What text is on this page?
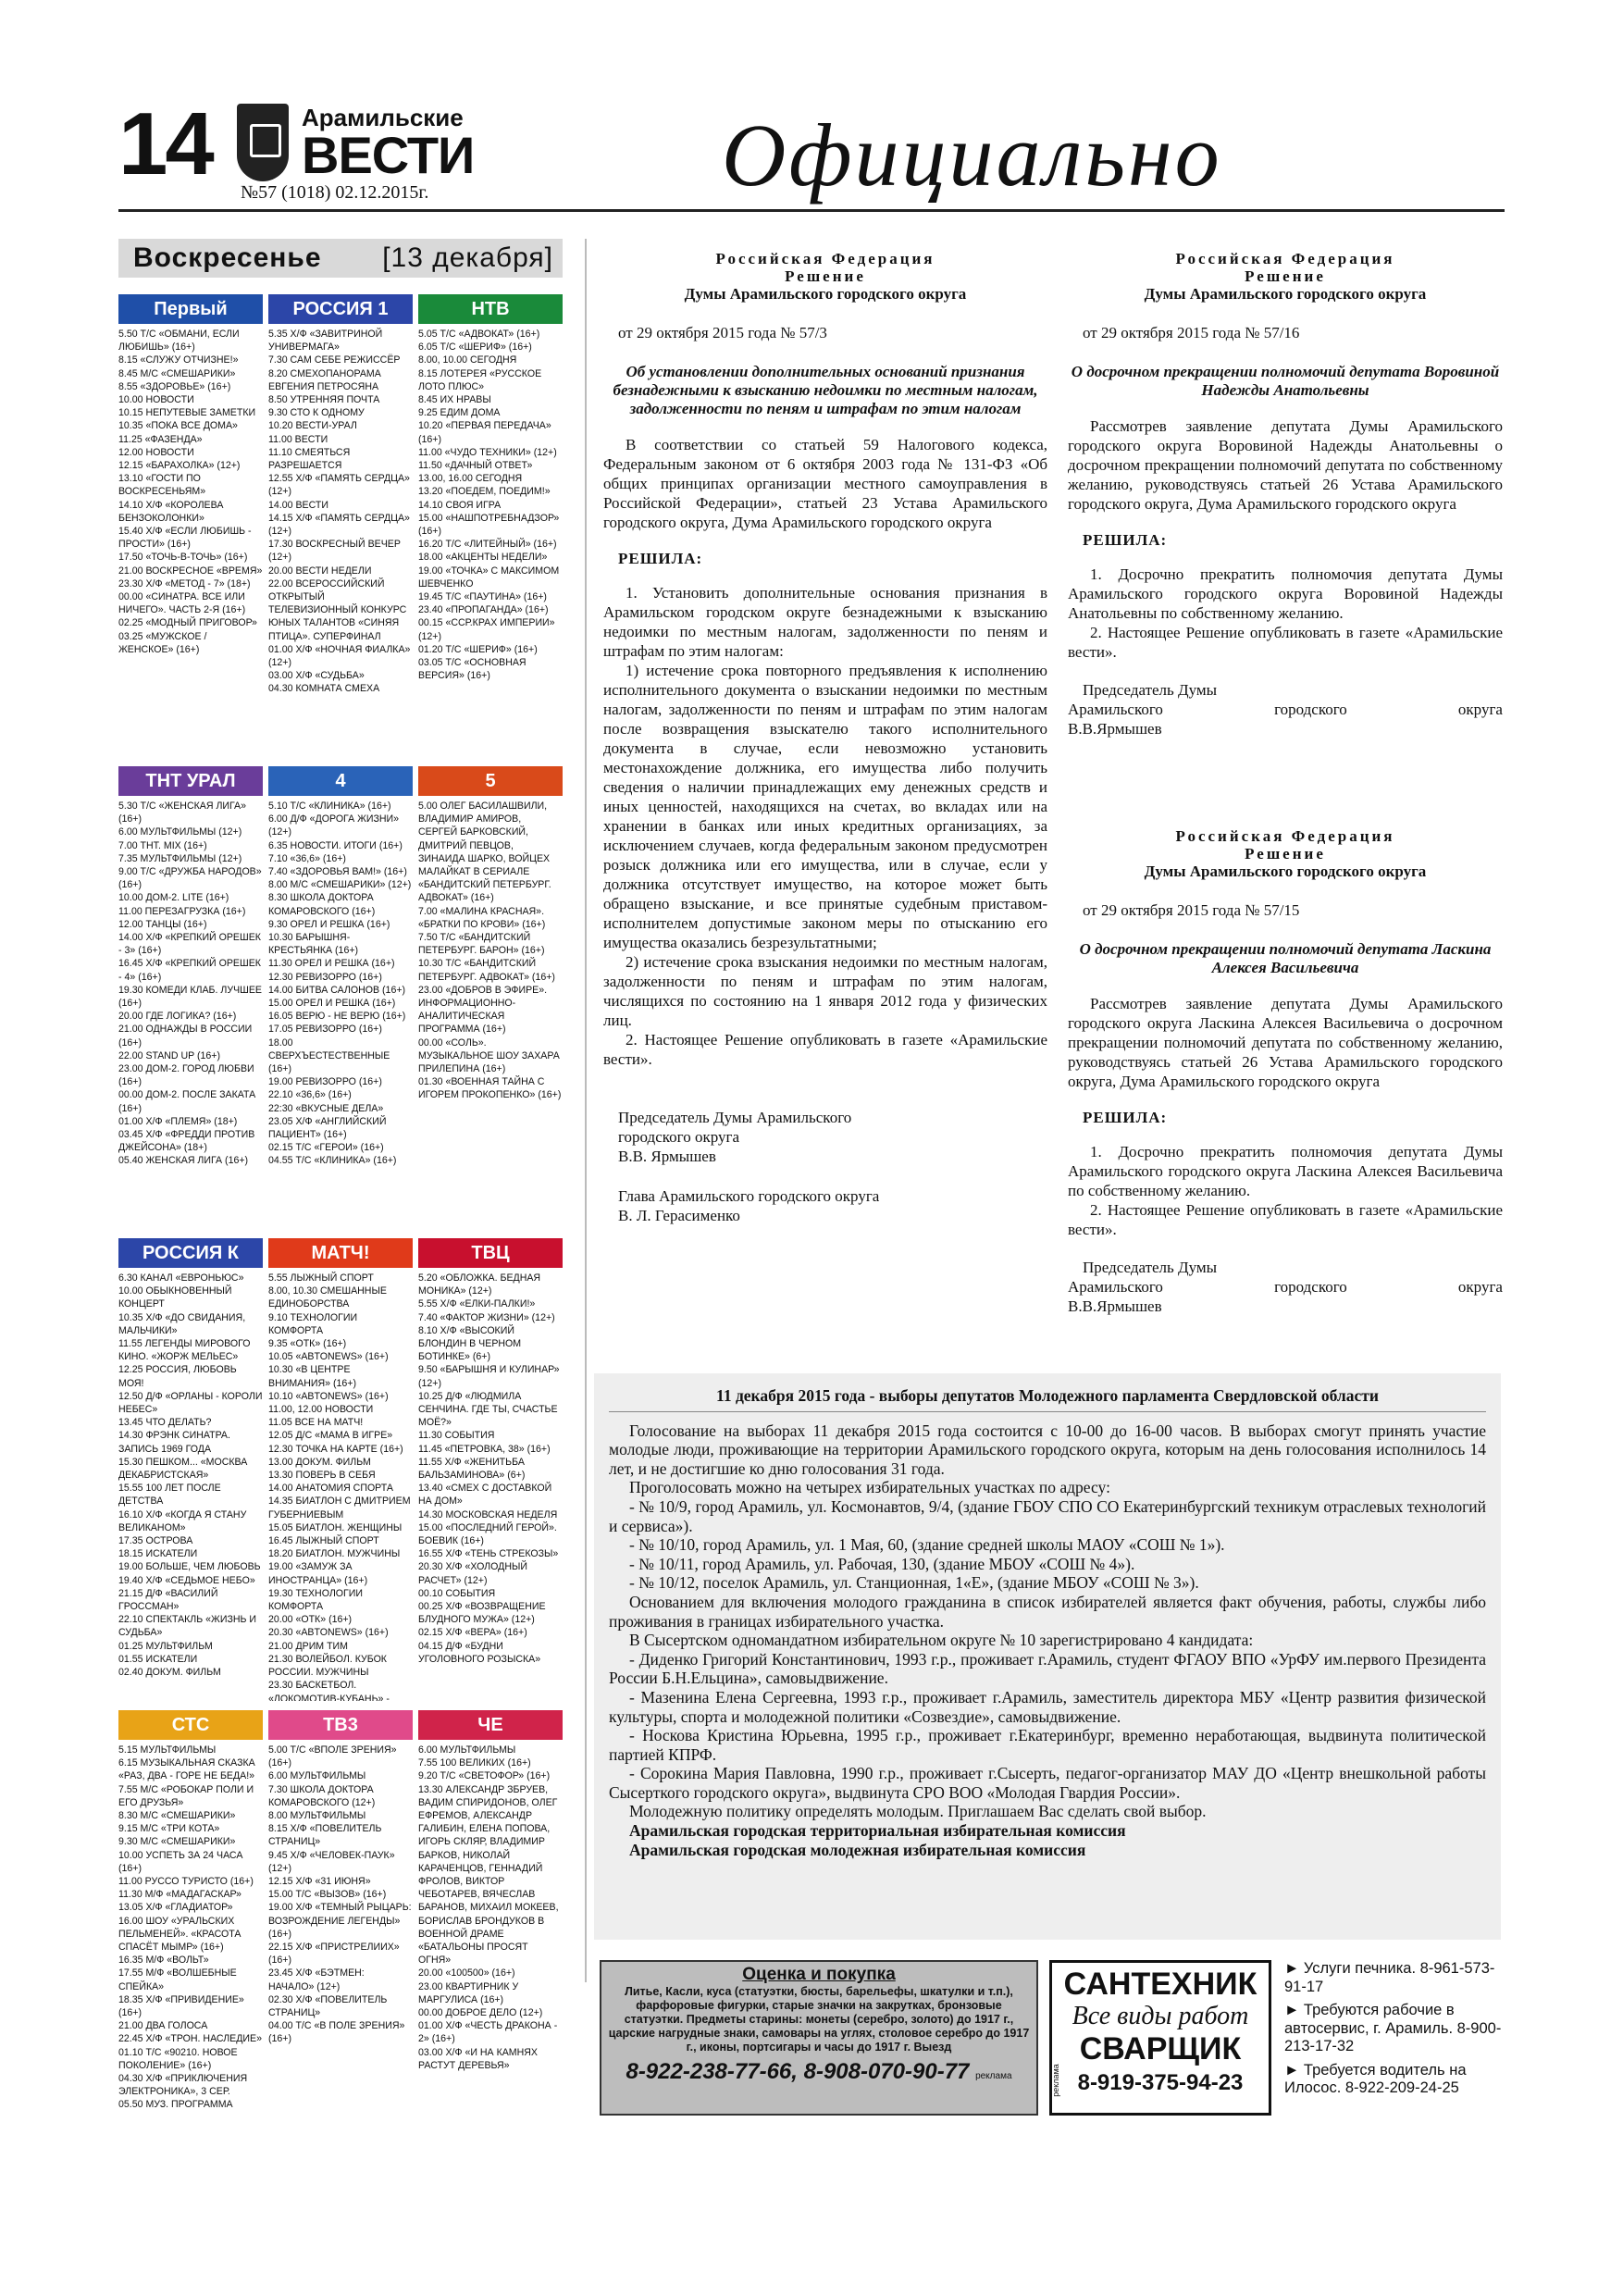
14	Арамильские
ВЕСТИ
№57 (1018) 02.12.2015г.	Официально
Воскресенье [13 декабря]
Первый
5.50 Т/С «ОБМАНИ, ЕСЛИ ЛЮБИШЬ» (16+)
8.15 «СЛУЖУ ОТЧИЗНЕ!»
8.45 М/С «СМЕШАРИКИ»
8.55 «ЗДОРОВЬЕ» (16+)
10.00 НОВОСТИ
10.15 НЕПУТЕВЫЕ ЗАМЕТКИ
10.35 «ПОКА ВСЕ ДОМА»
11.25 «ФАЗЕНДА»
12.00 НОВОСТИ
12.15 «БАРАХОЛКА» (12+)
13.10 «ГОСТИ ПО ВОСКРЕСЕНЬЯМ»
14.10 Х/Ф «КОРОЛЕВА БЕНЗОКОЛОНКИ»
15.40 Х/Ф «ЕСЛИ ЛЮБИШЬ - ПРОСТИ» (16+)
17.50 «ТОЧЬ-В-ТОЧЬ» (16+)
21.00 ВОСКРЕСНОЕ «ВРЕМЯ»
23.30 Х/Ф «МЕТОД - 7» (18+)
00.00 «СИНАТРА. ВСЕ ИЛИ НИЧЕГО». ЧАСТЬ 2-Я (16+)
02.25 «МОДНЫЙ ПРИГОВОР»
03.25 «МУЖСКОЕ / ЖЕНСКОЕ» (16+)
РОССИЯ 1
5.35 Х/Ф «ЗАВИТРИНОЙ УНИВЕРМАГА»
7.30 САМ СЕБЕ РЕЖИССЁР
8.20 СМЕХОПАНОРАМА ЕВГЕНИЯ ПЕТРОСЯНА
8.50 УТРЕННЯЯ ПОЧТА
9.30 СТО К ОДНОМУ
10.20 ВЕСТИ-УРАЛ
11.00 ВЕСТИ
11.10 СМЕЯТЬСЯ РАЗРЕШАЕТСЯ
12.55 Х/Ф «ПАМЯТЬ СЕРДЦА» (12+)
14.00 ВЕСТИ
14.15 Х/Ф «ПАМЯТЬ СЕРДЦА» (12+)
17.30 ВОСКРЕСНЫЙ ВЕЧЕР (12+)
20.00 ВЕСТИ НЕДЕЛИ
22.00 ВСЕРОССИЙСКИЙ ОТКРЫТЫЙ ТЕЛЕВИЗИОННЫЙ КОНКУРС ЮНЫХ ТАЛАНТОВ «СИНЯЯ ПТИЦА». СУПЕРФИНАЛ
01.00 Х/Ф «НОЧНАЯ ФИАЛКА» (12+)
03.00 Х/Ф «СУДЬБА»
04.30 КОМНАТА СМЕХА
НТВ
5.05 Т/С «АДВОКАТ» (16+)
6.05 Т/С «ШЕРИФ» (16+)
8.00, 10.00 СЕГОДНЯ
8.15 ЛОТЕРЕЯ «РУССКОЕ ЛОТО ПЛЮС»
8.45 ИХ НРАВЫ
9.25 ЕДИМ ДОМА
10.20 «ПЕРВАЯ ПЕРЕДАЧА» (16+)
11.00 «ЧУДО ТЕХНИКИ» (12+)
11.50 «ДАЧНЫЙ ОТВЕТ»
13.00, 16.00 СЕГОДНЯ
13.20 «ПОЕДЕМ, ПОЕДИМ!»
14.10 СВОЯ ИГРА
15.00 «НАШПОТРЕБНАДЗОР» (16+)
16.20 Т/С «ЛИТЕЙНЫЙ» (16+)
18.00 «АКЦЕНТЫ НЕДЕЛИ»
19.00 «ТОЧКА» С МАКСИМОМ ШЕВЧЕНКО
19.45 Т/С «ПАУТИНА» (16+)
23.40 «ПРОПАГАНДА» (16+)
00.15 «ССР.КРАХ ИМПЕРИИ» (12+)
01.20 Т/С «ШЕРИФ» (16+)
03.05 Т/С «ОСНОВНАЯ ВЕРСИЯ» (16+)
ТНТ УРАЛ
5.30 Т/С «ЖЕНСКАЯ ЛИГА» (16+)
6.00 МУЛЬТФИЛЬМЫ (12+)
7.00 ТНТ. MIX (16+)
7.35 МУЛЬТФИЛЬМЫ (12+)
9.00 Т/С «ДРУЖБА НАРОДОВ» (16+)
10.00 ДОМ-2. LITE (16+)
11.00 ПЕРЕЗАГРУЗКА (16+)
12.00 ТАНЦЫ (16+)
14.00 Х/Ф «КРЕПКИЙ ОРЕШЕК - 3» (16+)
16.45 Х/Ф «КРЕПКИЙ ОРЕШЕК - 4» (16+)
19.30 КОМЕДИ КЛАБ. ЛУЧШЕЕ (16+)
20.00 ГДЕ ЛОГИКА? (16+)
21.00 ОДНАЖДЫ В РОССИИ (16+)
22.00 STAND UP (16+)
23.00 ДОМ-2. ГОРОД ЛЮБВИ (16+)
00.00 ДОМ-2. ПОСЛЕ ЗАКАТА (16+)
01.00 Х/Ф «ПЛЕМЯ» (18+)
03.45 Х/Ф «ФРЕДДИ ПРОТИВ ДЖЕЙСОНА» (18+)
05.40 ЖЕНСКАЯ ЛИГА (16+)
4
5.10 Т/С «КЛИНИКА» (16+)
6.00 Д/Ф «ДОРОГА ЖИЗНИ» (12+)
6.35 НОВОСТИ. ИТОГИ (16+)
7.10 «36,6» (16+)
7.40 «ЗДОРОВЬЯ ВАМ!» (16+)
8.00 М/С «СМЕШАРИКИ» (12+)
8.30 ШКОЛА ДОКТОРА КОМАРОВСКОГО (16+)
9.30 ОРЕЛ И РЕШКА (16+)
10.30 БАРЫШНЯ-КРЕСТЬЯНКА (16+)
11.30 ОРЕЛ И РЕШКА (16+)
12.30 РЕВИЗОРРО (16+)
14.00 БИТВА САЛОНОВ (16+)
15.00 ОРЕЛ И РЕШКА (16+)
16.05 ВЕРЮ - НЕ ВЕРЮ (16+)
17.05 РЕВИЗОРРО (16+)
18.00 СВЕРХЪЕСТЕСТВЕННЫЕ (16+)
19.00 РЕВИЗОРРО (16+)
22.10 «36,6» (16+)
22:30 «ВКУСНЫЕ ДЕЛА»
23.05 Х/Ф «АНГЛИЙСКИЙ ПАЦИЕНТ» (16+)
02.15 Т/С «ГЕРОИ» (16+)
04.55 Т/С «КЛИНИКА» (16+)
5
5.00 ОЛЕГ БАСИЛАШВИЛИ, ВЛАДИМИР АМИРОВ, СЕРГЕЙ БАРКОВСКИЙ, ДМИТРИЙ ПЕВЦОВ, ЗИНАИДА ШАРКО, ВОЙЦЕХ МАЛАЙКАТ В СЕРИАЛЕ «БАНДИТСКИЙ ПЕТЕРБУРГ. АДВОКАТ» (16+)
7.00 «МАЛИНА КРАСНАЯ». «БРАТКИ ПО КРОВИ» (16+)
7.50 Т/С «БАНДИТСКИЙ ПЕТЕРБУРГ. БАРОН» (16+)
10.30 Т/С «БАНДИТСКИЙ ПЕТЕРБУРГ. АДВОКАТ» (16+)
23.00 «ДОБРОВ В ЭФИРЕ». ИНФОРМАЦИОННО-АНАЛИТИЧЕСКАЯ ПРОГРАММА (16+)
00.00 «СОЛЬ». МУЗЫКАЛЬНОЕ ШОУ ЗАХАРА ПРИЛЕПИНА (16+)
01.30 «ВОЕННАЯ ТАЙНА С ИГОРЕМ ПРОКОПЕНКО» (16+)
РОССИЯ К
6.30 КАНАЛ «ЕВРОНЬЮС»
10.00 ОБЫКНОВЕННЫЙ КОНЦЕРТ
10.35 Х/Ф «ДО СВИДАНИЯ, МАЛЬЧИКИ»
11.55 ЛЕГЕНДЫ МИРОВОГО КИНО. «ЖОРЖ МЕЛЬЕС»
12.25 РОССИЯ, ЛЮБОВЬ МОЯ!
12.50 Д/Ф «ОРЛАНЫ - КОРОЛИ НЕБЕС»
13.45 ЧТО ДЕЛАТЬ?
14.30 ФРЭНК СИНАТРА. ЗАПИСЬ 1969 ГОДА
15.30 ПЕШКОМ... «МОСКВА ДЕКАБРИСТСКАЯ»
15.55 100 ЛЕТ ПОСЛЕ ДЕТСТВА
16.10 Х/Ф «КОГДА Я СТАНУ ВЕЛИКАНОМ»
17.35 ОСТРОВА
18.15 ИСКАТЕЛИ
19.00 БОЛЬШЕ, ЧЕМ ЛЮБОВЬ
19.40 Х/Ф «СЕДЬМОЕ НЕБО»
21.15 Д/Ф «ВАСИЛИЙ ГРОССМАН»
22.10 СПЕКТАКЛЬ «ЖИЗНЬ И СУДЬБА»
01.25 МУЛЬТФИЛЬМ
01.55 ИСКАТЕЛИ
02.40 ДОКУМ. ФИЛЬМ
МАТЧ!
5.55 ЛЫЖНЫЙ СПОРТ
8.00, 10.30 СМЕШАННЫЕ ЕДИНОБОРСТВА
9.10 ТЕХНОЛОГИИ КОМФОРТА
9.35 «ОТК» (16+)
10.05 «ABTONEWS» (16+)
10.30 «В ЦЕНТРЕ ВНИМАНИЯ» (16+)
10.10 «ABTONEWS» (16+)
11.00, 12.00 НОВОСТИ
11.05 ВСЕ НА МАТЧ!
12.05 Д/С «МАМА В ИГРЕ»
12.30 ТОЧКА НА КАРТЕ (16+)
13.00 ДОКУМ. ФИЛЬМ
13.30 ПОВЕРЬ В СЕБЯ
14.00 АНАТОМИЯ СПОРТА
14.35 БИАТЛОН С ДМИТРИЕМ ГУБЕРНИЕВЫМ
15.05 БИАТЛОН. ЖЕНЩИНЫ
16.45 ЛЫЖНЫЙ СПОРТ
18.20 БИАТЛОН. МУЖЧИНЫ
19.00 «ЗАМУЖ ЗА ИНОСТРАНЦА» (16+)
19.30 ТЕХНОЛОГИИ КОМФОРТА
20.00 «ОТК» (16+)
20.30 «ABTONEWS» (16+)
21.00 ДРИМ ТИМ
21.30 ВОЛЕЙБОЛ. КУБОК РОССИИ. МУЖЧИНЫ
23.30 БАСКЕТБОЛ. «ЛОКОМОТИВ-КУБАНЬ» -
ТВЦ
5.20 «ОБЛОЖКА. БЕДНАЯ МОНИКА» (12+)
5.55 Х/Ф «ЕЛКИ-ПАЛКИ!»
7.40 «ФАКТОР ЖИЗНИ» (12+)
8.10 Х/Ф «ВЫСОКИЙ БЛОНДИН В ЧЕРНОМ БОТИНКЕ» (6+)
9.50 «БАРЫШНЯ И КУЛИНАР» (12+)
10.25 Д/Ф «ЛЮДМИЛА СЕНЧИНА. ГДЕ ТЫ, СЧАСТЬЕ МОЁ?»
11.30 СОБЫТИЯ
11.45 «ПЕТРОВКА, 38» (16+)
11.55 Х/Ф «ЖЕНИТЬБА БАЛЬЗАМИНОВА» (6+)
13.40 «СМЕХ С ДОСТАВКОЙ НА ДОМ»
14.30 МОСКОВСКАЯ НЕДЕЛЯ
15.00 «ПОСЛЕДНИЙ ГЕРОЙ». БОЕВИК (16+)
16.55 Х/Ф «ТЕНЬ СТРЕКОЗЫ»
20.30 Х/Ф «ХОЛОДНЫЙ РАСЧЕТ» (12+)
00.10 СОБЫТИЯ
00.25 Х/Ф «ВОЗВРАЩЕНИЕ БЛУДНОГО МУЖА» (12+)
02.15 Х/Ф «ВЕРА» (16+)
04.15 Д/Ф «БУДНИ УГОЛОВНОГО РОЗЫСКА»
СТС
5.15 МУЛЬТФИЛЬМЫ
6.15 МУЗЫКАЛЬНАЯ СКАЗКА «РАЗ, ДВА - ГОРЕ НЕ БЕДА!»
7.55 М/С «РОБОКАР ПОЛИ И ЕГО ДРУЗЬЯ»
8.30 М/С «СМЕШАРИКИ»
9.15 М/С «ТРИ КОТА»
9.30 М/С «СМЕШАРИКИ»
10.00 УСПЕТЬ ЗА 24 ЧАСА (16+)
11.00 РУССО ТУРИСТО (16+)
11.30 М/Ф «МАДАГАСКАР»
13.05 Х/Ф «ГЛАДИАТОР»
16.00 ШОУ «УРАЛЬСКИХ ПЕЛЬМЕНЕЙ». «КРАСОТА СПАСЁТ МЫМР» (16+)
16.35 М/Ф «ВОЛЬТ»
17.55 М/Ф «ВОЛШЕБНЫЕ СПЕЙКА»
18.35 Х/Ф «ПРИВИДЕНИЕ» (16+)
21.00 ДВА ГОЛОСА
22.45 Х/Ф «ТРОН. НАСЛЕДИЕ»
01.10 Т/С «90210. НОВОЕ ПОКОЛЕНИЕ» (16+)
04.30 Х/Ф «ПРИКЛЮЧЕНИЯ ЭЛЕКТРОНИКА», 3 СЕР.
05.50 МУЗ. ПРОГРАММА
ТВ3
5.00 Т/С «ВПОЛЕ ЗРЕНИЯ» (16+)
6.00 МУЛЬТФИЛЬМЫ
7.30 ШКОЛА ДОКТОРА КОМАРОВСКОГО (12+)
8.00 МУЛЬТФИЛЬМЫ
8.15 Х/Ф «ПОВЕЛИТЕЛЬ СТРАНИЦ»
9.45 Х/Ф «ЧЕЛОВЕК-ПАУК» (12+)
12.15 Х/Ф «31 ИЮНЯ»
15.00 Т/С «ВЫЗОВ» (16+)
19.00 Х/Ф «ТЕМНЫЙ РЫЦАРЬ: ВОЗРОЖДЕНИЕ ЛЕГЕНДЫ» (16+)
22.15 Х/Ф «ПРИСТРЕЛИИХ» (16+)
23.45 Х/Ф «БЭТМЕН: НАЧАЛО» (12+)
02.30 Х/Ф «ПОВЕЛИТЕЛЬ СТРАНИЦ»
04.00 Т/С «В ПОЛЕ ЗРЕНИЯ» (16+)
ЧЕ
6.00 МУЛЬТФИЛЬМЫ
7.55 100 ВЕЛИКИХ (16+)
9.20 Т/С «СВЕТОФОР» (16+)
13.30 АЛЕКСАНДР ЗБРУЕВ, ВАДИМ СПИРИДОНОВ, ОЛЕГ ЕФРЕМОВ, АЛЕКСАНДР ГАЛИБИН, ЕЛЕНА ПОПОВА, ИГОРЬ СКЛЯР, ВЛАДИМИР БАРКОВ, НИКОЛАЙ КАРАЧЕНЦОВ, ГЕННАДИЙ ФРОЛОВ, ВИКТОР ЧЕБОТАРЕВ, ВЯЧЕСЛАВ БАРАНОВ, МИХАИЛ МОКЕЕВ, БОРИСЛАВ БРОНДУКОВ В ВОЕННОЙ ДРАМЕ «БАТАЛЬОНЫ ПРОСЯТ ОГНЯ»
20.00 «100500» (16+)
23.00 КВАРТИРНИК У МАРГУЛИСА (16+)
00.00 ДОБРОЕ ДЕЛО (12+)
01.00 Х/Ф «ЧЕСТЬ ДРАКОНА - 2» (16+)
03.00 Х/Ф «И НА КАМНЯХ РАСТУТ ДЕРЕВЬЯ»
Российская Федерация
Решение
Думы Арамильского городского округа
от 29 октября 2015 года № 57/3
Об установлении дополнительных оснований признания безнадежными к взысканию недоимки по местным налогам, задолженности по пеням и штрафам по этим налогам

В соответствии со статьей 59 Налогового кодекса, Федеральным законом от 6 октября 2003 года № 131-ФЗ «Об общих принципах организации местного самоуправления в Российской Федерации», статьей 23 Устава Арамильского городского округа, Дума Арамильского городского округа

РЕШИЛА:

1. Установить дополнительные основания признания в Арамильском городском округе безнадежными к взысканию недоимки по местным налогам, задолженности по пеням и штрафам по этим налогам:

1) истечение срока повторного предъявления к исполнению исполнительного документа о взыскании недоимки по местным налогам, задолженности по пеням и штрафам по этим налогам после возвращения взыскателю такого исполнительного документа в случае, если невозможно установить местонахождение должника, его имущества либо получить сведения о наличии принадлежащих ему денежных средств и иных ценностей, находящихся на счетах, во вкладах или на хранении в банках или иных кредитных организациях, за исключением случаев, когда федеральным законом предусмотрен розыск должника или его имущества, или в случае, если у должника отсутствует имущество, на которое может быть обращено взыскание, и все принятые судебным приставом-исполнителем допустимые законом меры по отысканию его имущества оказались безрезультатными;

2) истечение срока взыскания недоимки по местным налогам, задолженности по пеням и штрафам по этим налогам, числящихся по состоянию на 1 января 2012 года у физических лиц.

2. Настоящее Решение опубликовать в газете «Арамильские вести».

Председатель Думы Арамильского
городского округа
В.В. Ярмышев
Глава Арамильского городского округа
В. Л. Герасименко
Российская Федерация
Решение
Думы Арамильского городского округа
от 29 октября 2015 года № 57/16
О досрочном прекращении полномочий депутата Воровиной Надежды Анатольевны

Рассмотрев заявление депутата Думы Арамильского городского округа Воровиной Надежды Анатольевны о досрочном прекращении полномочий депутата по собственному желанию, руководствуясь статьей 26 Устава Арамильского городского округа, Дума Арамильского городского округа

РЕШИЛА:

1. Досрочно прекратить полномочия депутата Думы Арамильского городского округа Воровиной Надежды Анатольевны по собственному желанию.

2. Настоящее Решение опубликовать в газете «Арамильские вести».

Председатель Думы
Арамильского	городского	округа
В.В.Ярмышев
Российская Федерация
Решение
Думы Арамильского городского округа
от 29 октября 2015 года № 57/15
О досрочном прекращении полномочий депутата Ласкина Алексея Васильевича

Рассмотрев заявление депутата Думы Арамильского городского округа Ласкина Алексея Васильевича о досрочном прекращении полномочий депутата по собственному желанию, руководствуясь статьей 26 Устава Арамильского городского округа, Дума Арамильского городского округа

РЕШИЛА:

1. Досрочно прекратить полномочия депутата Думы Арамильского городского округа Ласкина Алексея Васильевича по собственному желанию.

2. Настоящее Решение опубликовать в газете «Арамильские вести».

Председатель Думы
Арамильского	городского	округа
В.В.Ярмышев
11 декабря 2015 года - выборы депутатов Молодежного парламента Свердловской области

Голосование на выборах 11 декабря 2015 года состоится с 10-00 до 16-00 часов. В выборах смогут принять участие молодые люди, проживающие на территории Арамильского городского округа, которым на день голосования исполнилось 14 лет, и не достигшие ко дню голосования 31 года.

Проголосовать можно на четырех избирательных участках по адресу:

- № 10/9, город Арамиль, ул. Космонавтов, 9/4, (здание ГБОУ СПО СО Екатеринбургский техникум отраслевых технологий и сервиса»).

- № 10/10, город Арамиль, ул. 1 Мая, 60, (здание средней школы МАОУ «СОШ № 1»).

- № 10/11, город Арамиль, ул. Рабочая, 130, (здание МБОУ «СОШ № 4»).

- № 10/12, поселок Арамиль, ул. Станционная, 1«Е», (здание МБОУ «СОШ № 3»).

Основанием для включения молодого гражданина в список избирателей является факт обучения, работы, службы либо проживания в границах избирательного участка.

В Сысертском одномандатном избирательном округе № 10 зарегистрировано 4 кандидата:

- Диденко Григорий Константинович, 1993 г.р., проживает г.Арамиль, студент ФГАОУ ВПО «УрФУ им.первого Президента России Б.Н.Ельцина», самовыдвижение.

- Мазенина Елена Сергеевна, 1993 г.р., проживает г.Арамиль, заместитель директора МБУ «Центр развития физической культуры, спорта и молодежной политики «Созвездие», самовыдвижение.

- Носкова Кристина Юрьевна, 1995 г.р., проживает г.Екатеринбург, временно неработающая, выдвинута политической партией КПРФ.

- Сорокина Мария Павловна, 1990 г.р., проживает г.Сысерть, педагог-организатор МАУ ДО «Центр внешкольной работы Сысерткого городского округа», выдвинута СРО ВОО «Молодая Гвардия России».

Молодежную политику определять молодым. Приглашаем Вас сделать свой выбор.

Арамильская городская территориальная избирательная комиссия
Арамильская городская молодежная избирательная комиссия
Оценка и покупка
Литье, Касли, куса (статуэтки, бюсты, барельефы, шкатулки и т.п.), фарфоровые фигурки, старые значки на закрутках, бронзовые статуэтки. Предметы старины: монеты (серебро, золото) до 1917 г., царские нагрудные знаки, самовары на углях, столовое серебро до 1917 г., иконы, портсигары и часы до 1917 г. Выезд
8-922-238-77-66, 8-908-070-90-77 реклама
САНТЕХНИК
Все виды работ
СВАРЩИК
8-919-375-94-23
реклама
► Услуги печника. 8-961-573-91-17
► Требуются рабочие в автосервис, г. Арамиль. 8-900-213-17-32
► Требуется водитель на Илосос. 8-922-209-24-25
